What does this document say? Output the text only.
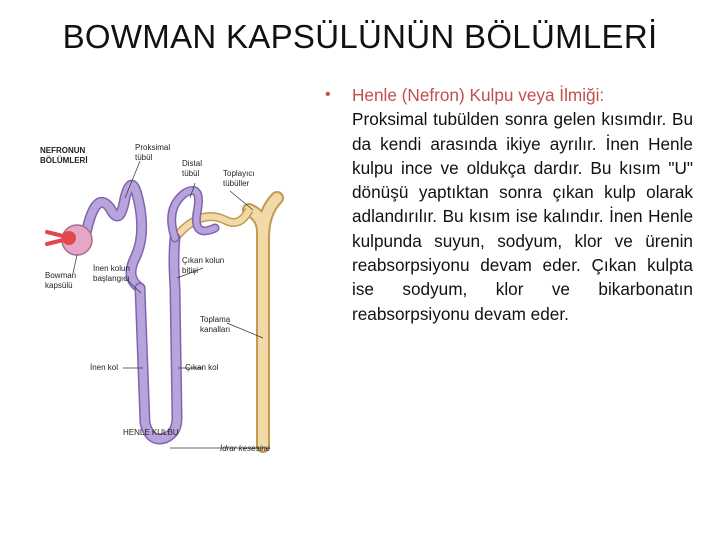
BOWMAN KAPSÜLÜNÜN BÖLÜMLERİ
NEFRONUN
BÖLÜMLERİ
Proksimal
tübül
Distal
tübül	Toplayıcı
tübüller
Bowman
kapsülü
İnen kolun
başlangıcı
Çıkan kolun
bitişi
Toplama
kanalları
İnen kol	Çıkan kol
HENLE KULBU
İdrar kesesine
•	Henle (Nefron) Kulpu veya İlmiği:
Proksimal tubülden sonra gelen kısımdır. Bu da kendi arasında ikiye ayrılır. İnen Henle kulpu ince ve oldukça dardır. Bu kısım "U" dönüşü yaptıktan sonra çıkan kulp olarak adlandırılır. Bu kısım ise kalındır. İnen Henle kulpunda suyun, sodyum, klor ve ürenin reabsorpsiyonu devam eder. Çıkan kulpta ise sodyum, klor ve bikarbonatın reabsorpsiyonu devam eder.
